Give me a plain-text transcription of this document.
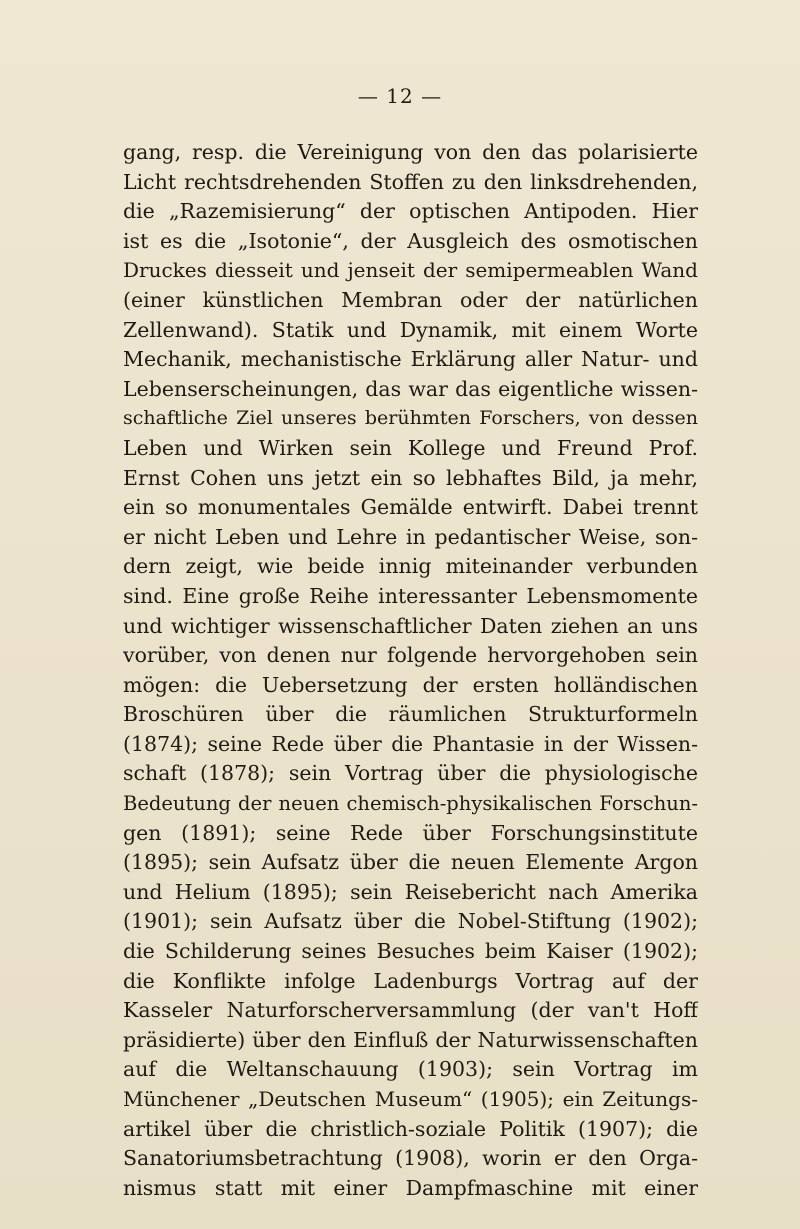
— 12 —
gang, resp. die Vereinigung von den das polarisierte
Licht rechtsdrehenden Stoffen zu den linksdrehenden,
die „Razemisierung“ der optischen Antipoden. Hier
ist es die „Isotonie“, der Ausgleich des osmotischen
Druckes diesseit und jenseit der semipermeablen Wand
(einer künstlichen Membran oder der natürlichen
Zellenwand). Statik und Dynamik, mit einem Worte
Mechanik, mechanistische Erklärung aller Natur- und
Lebenserscheinungen, das war das eigentliche wissen-
schaftliche Ziel unseres berühmten Forschers, von dessen
Leben und Wirken sein Kollege und Freund Prof.
Ernst Cohen uns jetzt ein so lebhaftes Bild, ja mehr,
ein so monumentales Gemälde entwirft. Dabei trennt
er nicht Leben und Lehre in pedantischer Weise, son-
dern zeigt, wie beide innig miteinander verbunden
sind. Eine große Reihe interessanter Lebensmomente
und wichtiger wissenschaftlicher Daten ziehen an uns
vorüber, von denen nur folgende hervorgehoben sein
mögen: die Uebersetzung der ersten holländischen
Broschüren über die räumlichen Strukturformeln
(1874); seine Rede über die Phantasie in der Wissen-
schaft (1878); sein Vortrag über die physiologische
Bedeutung der neuen chemisch-physikalischen Forschun-
gen (1891); seine Rede über Forschungsinstitute
(1895); sein Aufsatz über die neuen Elemente Argon
und Helium (1895); sein Reisebericht nach Amerika
(1901); sein Aufsatz über die Nobel-Stiftung (1902);
die Schilderung seines Besuches beim Kaiser (1902);
die Konflikte infolge Ladenburgs Vortrag auf der
Kasseler Naturforscherversammlung (der van't Hoff
präsidierte) über den Einfluß der Naturwissenschaften
auf die Weltanschauung (1903); sein Vortrag im
Münchener „Deutschen Museum“ (1905); ein Zeitungs-
artikel über die christlich-soziale Politik (1907); die
Sanatoriumsbetrachtung (1908), worin er den Orga-
nismus statt mit einer Dampfmaschine mit einer
